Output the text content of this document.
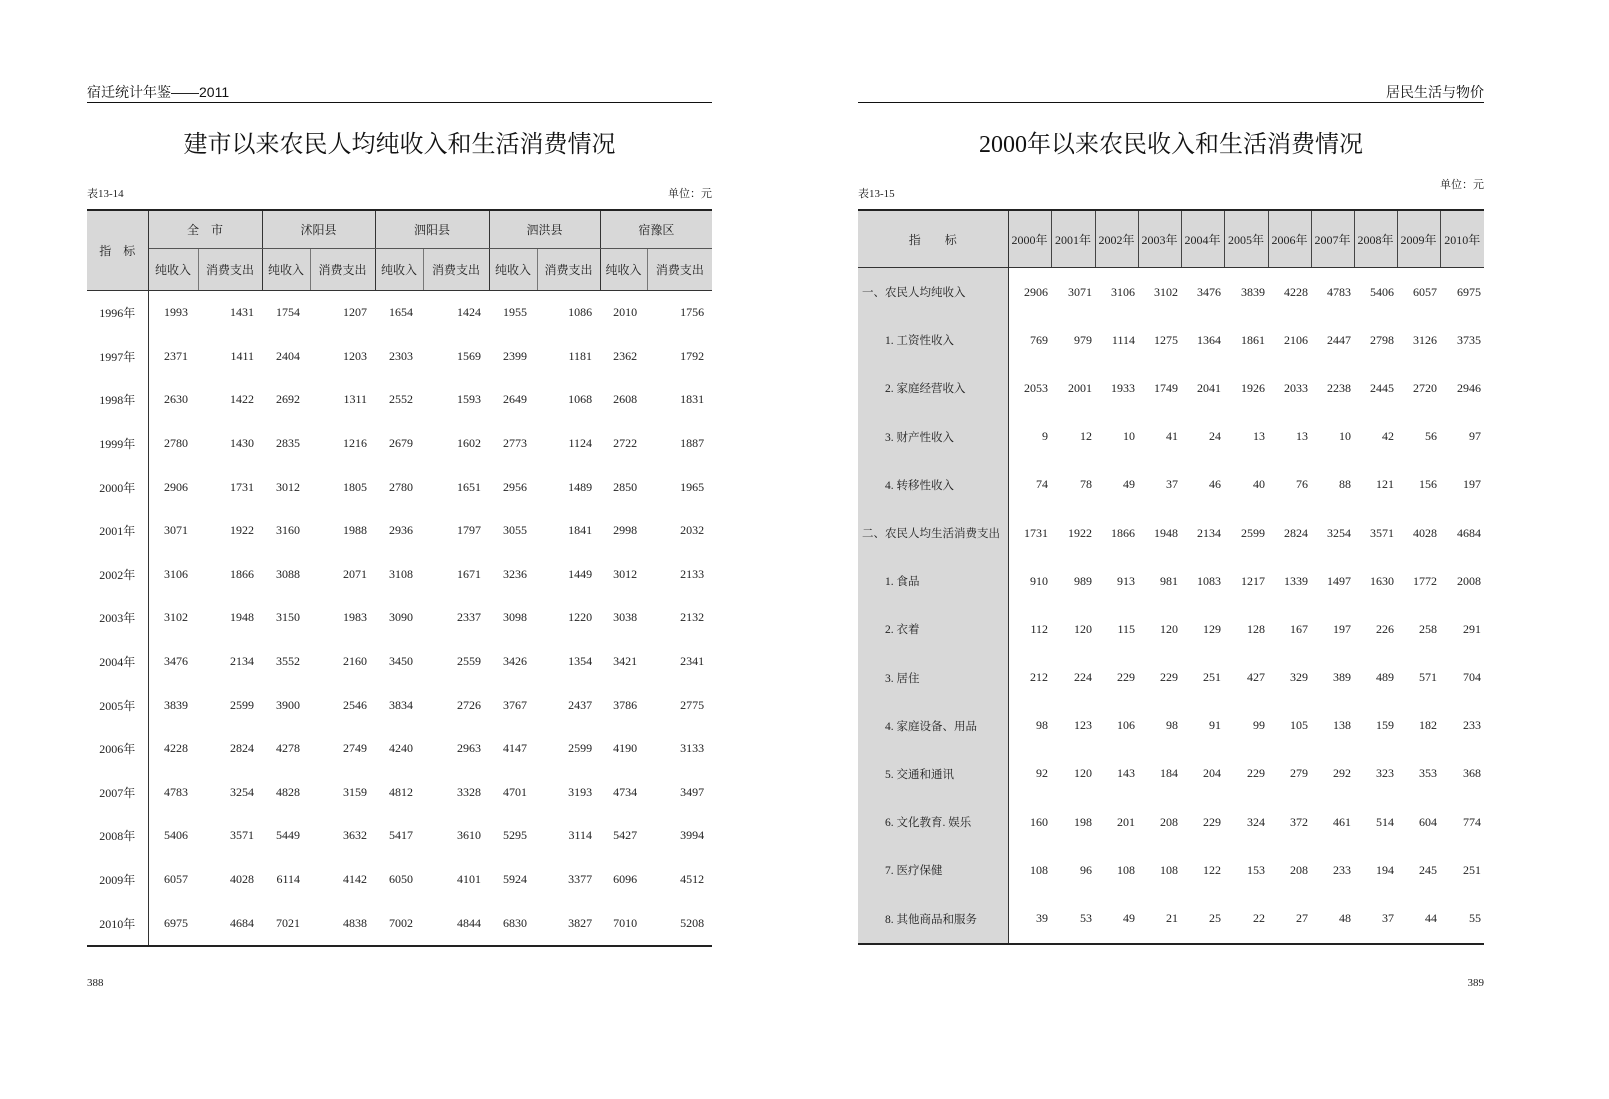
宿迁统计年鉴——2011
建市以来农民人均纯收入和生活消费情况
表13-14	单位：元
指　标	全　市		沭阳县		泗阳县		泗洪县		宿豫区	
	纯收入	消费支出	纯收入	消费支出	纯收入	消费支出	纯收入	消费支出	纯收入	消费支出
1996年	1993	1431	1754	1207	1654	1424	1955	1086	2010	1756
1997年	2371	1411	2404	1203	2303	1569	2399	1181	2362	1792
1998年	2630	1422	2692	1311	2552	1593	2649	1068	2608	1831
1999年	2780	1430	2835	1216	2679	1602	2773	1124	2722	1887
2000年	2906	1731	3012	1805	2780	1651	2956	1489	2850	1965
2001年	3071	1922	3160	1988	2936	1797	3055	1841	2998	2032
2002年	3106	1866	3088	2071	3108	1671	3236	1449	3012	2133
2003年	3102	1948	3150	1983	3090	2337	3098	1220	3038	2132
2004年	3476	2134	3552	2160	3450	2559	3426	1354	3421	2341
2005年	3839	2599	3900	2546	3834	2726	3767	2437	3786	2775
2006年	4228	2824	4278	2749	4240	2963	4147	2599	4190	3133
2007年	4783	3254	4828	3159	4812	3328	4701	3193	4734	3497
2008年	5406	3571	5449	3632	5417	3610	5295	3114	5427	3994
2009年	6057	4028	6114	4142	6050	4101	5924	3377	6096	4512
2010年	6975	4684	7021	4838	7002	4844	6830	3827	7010	5208
388
居民生活与物价
2000年以来农民收入和生活消费情况
表13-15
单位：元
指　　标	2000年	2001年	2002年	2003年	2004年	2005年	2006年	2007年	2008年	2009年	2010年
一、农民人均纯收入	2906	3071	3106	3102	3476	3839	4228	4783	5406	6057	6975
1. 工资性收入	769	979	1114	1275	1364	1861	2106	2447	2798	3126	3735
2. 家庭经营收入	2053	2001	1933	1749	2041	1926	2033	2238	2445	2720	2946
3. 财产性收入	9	12	10	41	24	13	13	10	42	56	97
4. 转移性收入	74	78	49	37	46	40	76	88	121	156	197
二、农民人均生活消费支出	1731	1922	1866	1948	2134	2599	2824	3254	3571	4028	4684
1. 食品	910	989	913	981	1083	1217	1339	1497	1630	1772	2008
2. 衣着	112	120	115	120	129	128	167	197	226	258	291
3. 居住	212	224	229	229	251	427	329	389	489	571	704
4. 家庭设备、用品	98	123	106	98	91	99	105	138	159	182	233
5. 交通和通讯	92	120	143	184	204	229	279	292	323	353	368
6. 文化教育. 娱乐	160	198	201	208	229	324	372	461	514	604	774
7. 医疗保健	108	96	108	108	122	153	208	233	194	245	251
8. 其他商品和服务	39	53	49	21	25	22	27	48	37	44	55
389
